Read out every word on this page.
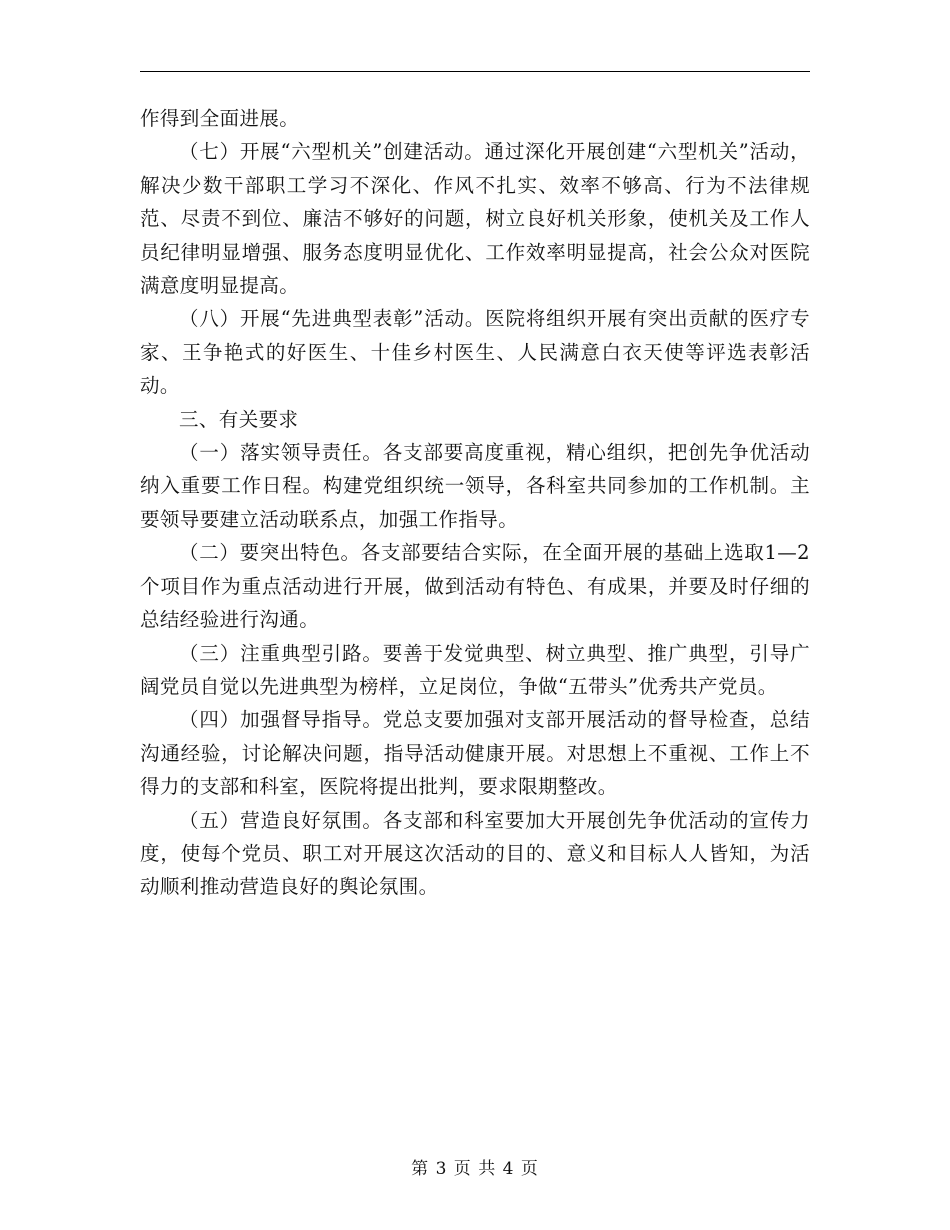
作得到全面进展。

（七）开展“六型机关”创建活动。通过深化开展创建“六型机关”活动，解决少数干部职工学习不深化、作风不扎实、效率不够高、行为不法律规范、尽责不到位、廉洁不够好的问题，树立良好机关形象，使机关及工作人员纪律明显增强、服务态度明显优化、工作效率明显提高，社会公众对医院满意度明显提高。

（八）开展“先进典型表彰”活动。医院将组织开展有突出贡献的医疗专家、王争艳式的好医生、十佳乡村医生、人民满意白衣天使等评选表彰活动。

三、有关要求

（一）落实领导责任。各支部要高度重视，精心组织，把创先争优活动纳入重要工作日程。构建党组织统一领导，各科室共同参加的工作机制。主要领导要建立活动联系点，加强工作指导。

（二）要突出特色。各支部要结合实际，在全面开展的基础上选取1—2个项目作为重点活动进行开展，做到活动有特色、有成果，并要及时仔细的总结经验进行沟通。

（三）注重典型引路。要善于发觉典型、树立典型、推广典型，引导广阔党员自觉以先进典型为榜样，立足岗位，争做“五带头”优秀共产党员。

（四）加强督导指导。党总支要加强对支部开展活动的督导检查，总结沟通经验，讨论解决问题，指导活动健康开展。对思想上不重视、工作上不得力的支部和科室，医院将提出批判，要求限期整改。

（五）营造良好氛围。各支部和科室要加大开展创先争优活动的宣传力度，使每个党员、职工对开展这次活动的目的、意义和目标人人皆知，为活动顺利推动营造良好的舆论氛围。

第 3 页 共 4 页
